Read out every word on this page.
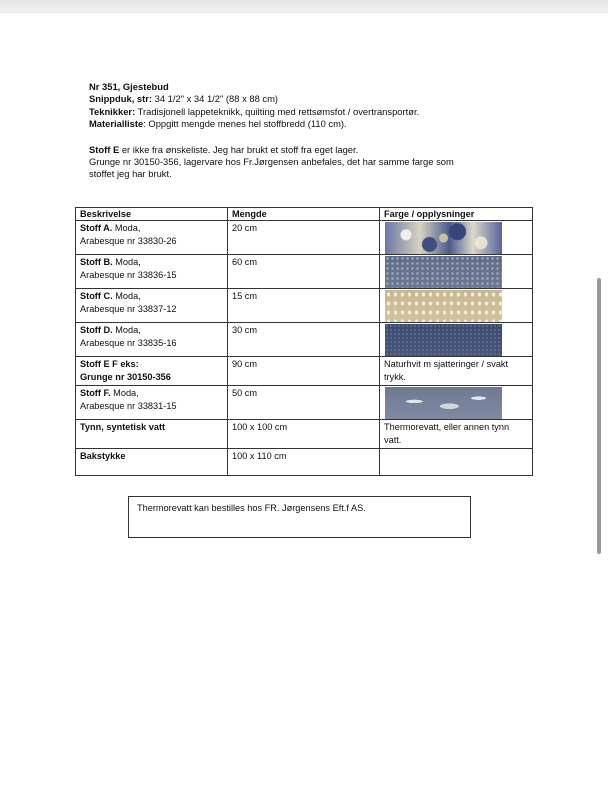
Nr 351, Gjestebud

Snippduk, str: 34 1/2" x 34 1/2" (88 x 88 cm)

Teknikker: Tradisjonell lappeteknikk, quilting med rettsømsfot / overtransportør.

Materialliste: Oppgitt mengde menes hel stoffbredd (110 cm).

Stoff E er ikke fra ønskeliste. Jeg har brukt et stoff fra eget lager.

Grunge nr 30150-356, lagervare hos Fr.Jørgensen anbefales, det har samme farge som

stoffet jeg har brukt.

Beskrivelse	Mengde	Farge / opplysninger
Stoff A. Moda,
Arabesque nr 33830-26	20 cm	

Stoff B. Moda,
Arabesque nr 33836-15	60 cm	

Stoff C. Moda,
Arabesque nr 33837-12	15 cm	

Stoff D. Moda,
Arabesque nr 33835-16	30 cm	

Stoff E F eks:
Grunge nr 30150-356	90 cm	Naturhvit m sjatteringer / svakt trykk.
Stoff F. Moda,
Arabesque nr 33831-15	50 cm	

Tynn, syntetisk vatt	100 x 100 cm	Thermorevatt, eller annen tynn vatt.
Bakstykke	100 x 110 cm	
Thermorevatt kan bestilles hos FR. Jørgensens Eft.f AS.
